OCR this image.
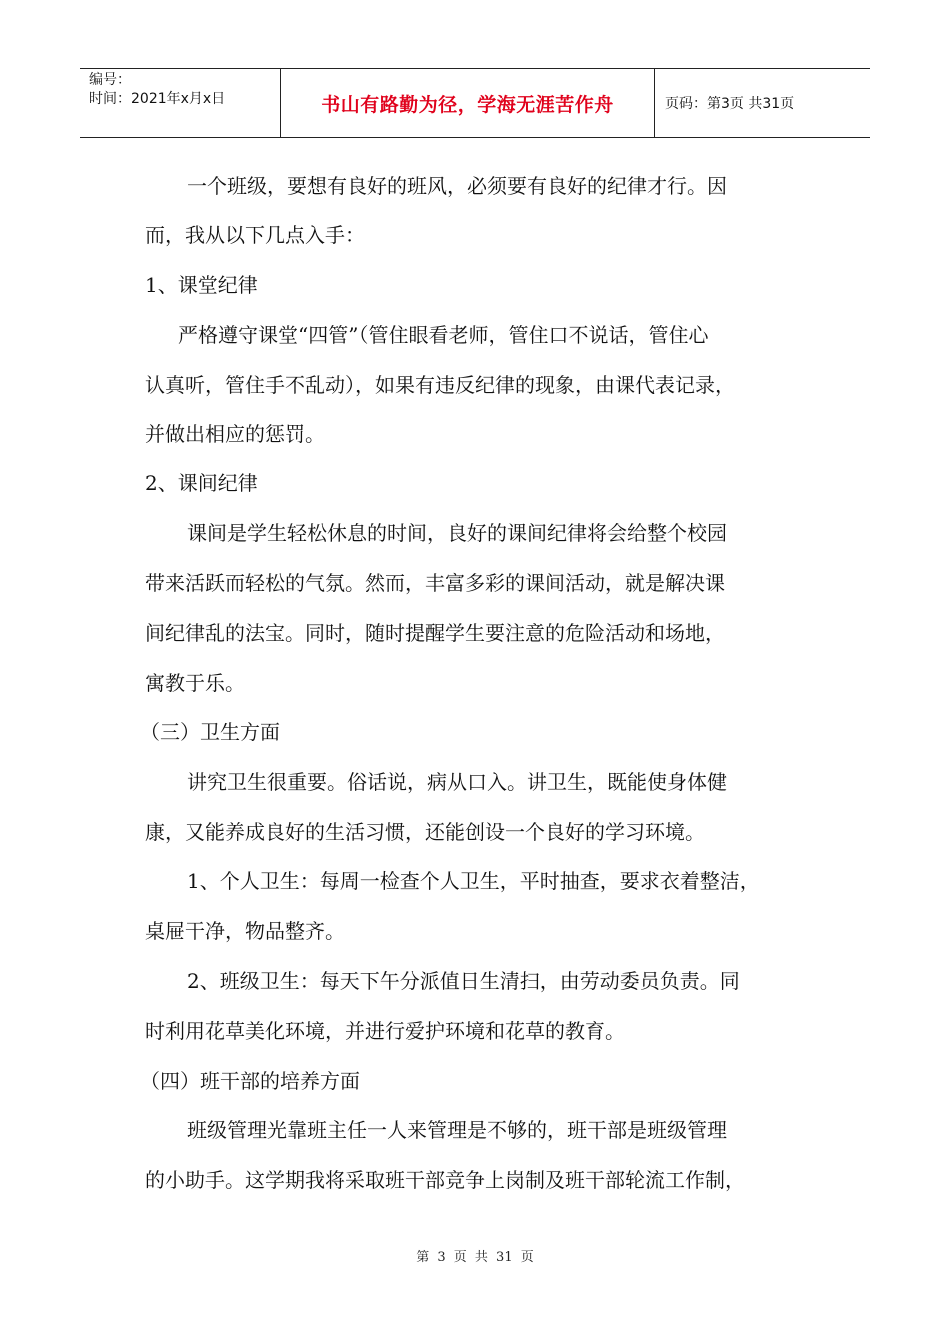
编号：
时间：2021年x月x日	书山有路勤为径，学海无涯苦作舟	页码：第3页 共31页
一个班级，要想有良好的班风，必须要有良好的纪律才行。因
而，我从以下几点入手：
1、课堂纪律
严格遵守课堂“四管”（管住眼看老师，管住口不说话，管住心
认真听，管住手不乱动），如果有违反纪律的现象，由课代表记录，
并做出相应的惩罚。
2、课间纪律
课间是学生轻松休息的时间，良好的课间纪律将会给整个校园
带来活跃而轻松的气氛。然而，丰富多彩的课间活动，就是解决课
间纪律乱的法宝。同时，随时提醒学生要注意的危险活动和场地，
寓教于乐。
（三）卫生方面
讲究卫生很重要。俗话说，病从口入。讲卫生，既能使身体健
康，又能养成良好的生活习惯，还能创设一个良好的学习环境。
1、个人卫生：每周一检查个人卫生，平时抽查，要求衣着整洁，
桌屉干净，物品整齐。
2、班级卫生：每天下午分派值日生清扫，由劳动委员负责。同
时利用花草美化环境，并进行爱护环境和花草的教育。
（四）班干部的培养方面
班级管理光靠班主任一人来管理是不够的，班干部是班级管理
的小助手。这学期我将采取班干部竞争上岗制及班干部轮流工作制，
第 3 页 共 31 页
